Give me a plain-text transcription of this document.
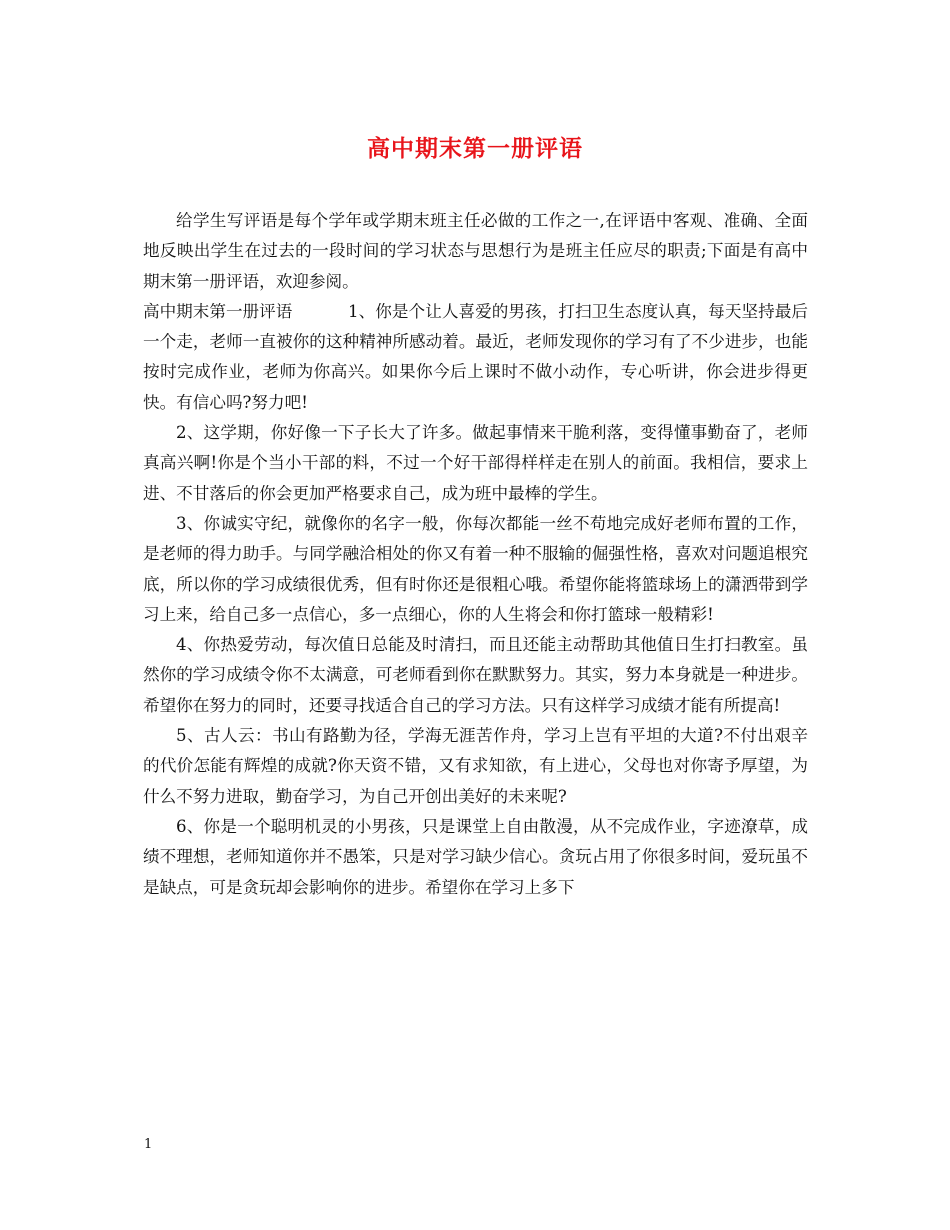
高中期末第一册评语

给学生写评语是每个学年或学期末班主任必做的工作之一,在评语中客观、准确、全面地反映出学生在过去的一段时间的学习状态与思想行为是班主任应尽的职责;下面是有高中期末第一册评语，欢迎参阅。

高中期末第一册评语	1、你是个让人喜爱的男孩，打扫卫生态度认真，每天坚持最后一个走，老师一直被你的这种精神所感动着。最近，老师发现你的学习有了不少进步，也能按时完成作业，老师为你高兴。如果你今后上课时不做小动作，专心听讲，你会进步得更快。有信心吗?努力吧!

2、这学期，你好像一下子长大了许多。做起事情来干脆利落，变得懂事勤奋了，老师真高兴啊!你是个当小干部的料，不过一个好干部得样样走在别人的前面。我相信，要求上进、不甘落后的你会更加严格要求自己，成为班中最棒的学生。

3、你诚实守纪，就像你的名字一般，你每次都能一丝不苟地完成好老师布置的工作，是老师的得力助手。与同学融洽相处的你又有着一种不服输的倔强性格，喜欢对问题追根究底，所以你的学习成绩很优秀，但有时你还是很粗心哦。希望你能将篮球场上的潇洒带到学习上来，给自己多一点信心，多一点细心，你的人生将会和你打篮球一般精彩!

4、你热爱劳动，每次值日总能及时清扫，而且还能主动帮助其他值日生打扫教室。虽然你的学习成绩令你不太满意，可老师看到你在默默努力。其实，努力本身就是一种进步。希望你在努力的同时，还要寻找适合自己的学习方法。只有这样学习成绩才能有所提高!

5、古人云：书山有路勤为径，学海无涯苦作舟，学习上岂有平坦的大道?不付出艰辛的代价怎能有辉煌的成就?你天资不错，又有求知欲，有上进心，父母也对你寄予厚望，为什么不努力进取，勤奋学习，为自己开创出美好的未来呢?

6、你是一个聪明机灵的小男孩，只是课堂上自由散漫，从不完成作业，字迹潦草，成绩不理想，老师知道你并不愚笨，只是对学习缺少信心。贪玩占用了你很多时间，爱玩虽不是缺点，可是贪玩却会影响你的进步。希望你在学习上多下

1
